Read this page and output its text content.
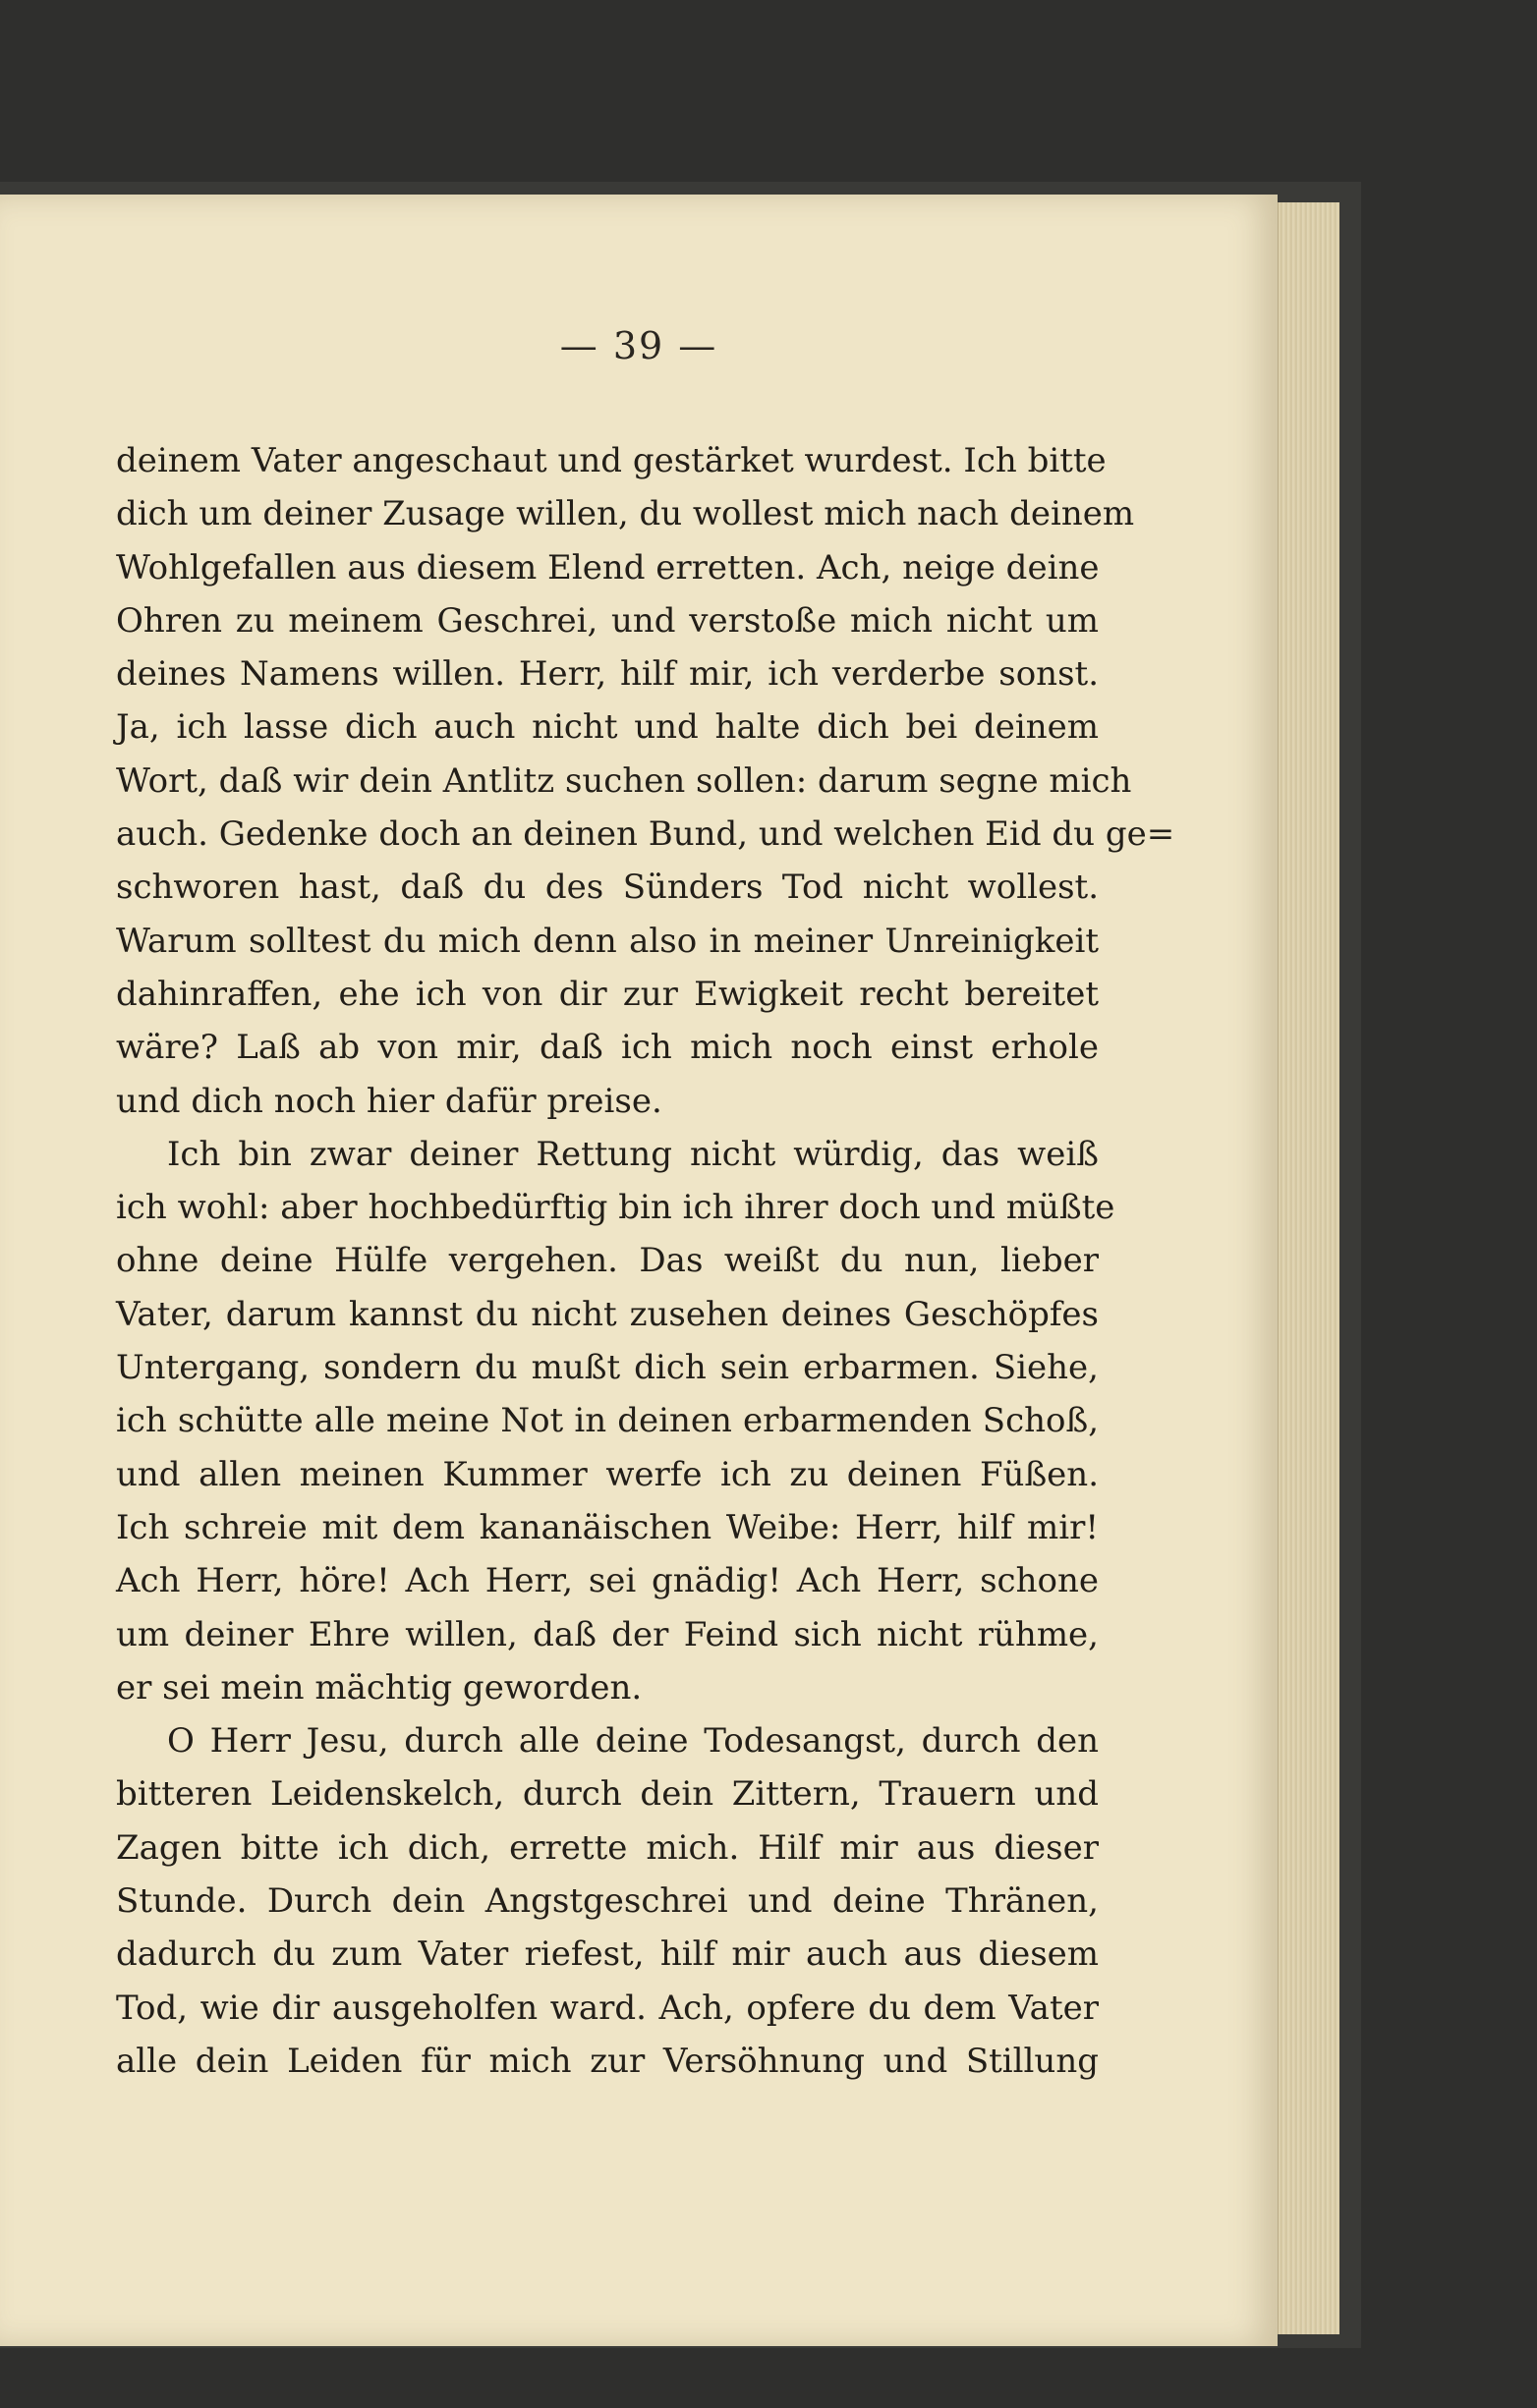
— 39 —
deinem Vater angeschaut und gestärket wurdest. Ich bitte
dich um deiner Zusage willen, du wollest mich nach deinem
Wohlgefallen aus diesem Elend erretten. Ach, neige deine
Ohren zu meinem Geschrei, und verstoße mich nicht um
deines Namens willen. Herr, hilf mir, ich verderbe sonst.
Ja, ich lasse dich auch nicht und halte dich bei deinem
Wort, daß wir dein Antlitz suchen sollen: darum segne mich
auch. Gedenke doch an deinen Bund, und welchen Eid du ge=
schworen hast, daß du des Sünders Tod nicht wollest.
Warum solltest du mich denn also in meiner Unreinigkeit
dahinraffen, ehe ich von dir zur Ewigkeit recht bereitet
wäre? Laß ab von mir, daß ich mich noch einst erhole
und dich noch hier dafür preise.
Ich bin zwar deiner Rettung nicht würdig, das weiß
ich wohl: aber hochbedürftig bin ich ihrer doch und müßte
ohne deine Hülfe vergehen. Das weißt du nun, lieber
Vater, darum kannst du nicht zusehen deines Geschöpfes
Untergang, sondern du mußt dich sein erbarmen. Siehe,
ich schütte alle meine Not in deinen erbarmenden Schoß,
und allen meinen Kummer werfe ich zu deinen Füßen.
Ich schreie mit dem kananäischen Weibe: Herr, hilf mir!
Ach Herr, höre! Ach Herr, sei gnädig! Ach Herr, schone
um deiner Ehre willen, daß der Feind sich nicht rühme,
er sei mein mächtig geworden.
O Herr Jesu, durch alle deine Todesangst, durch den
bitteren Leidenskelch, durch dein Zittern, Trauern und
Zagen bitte ich dich, errette mich. Hilf mir aus dieser
Stunde. Durch dein Angstgeschrei und deine Thränen,
dadurch du zum Vater riefest, hilf mir auch aus diesem
Tod, wie dir ausgeholfen ward. Ach, opfere du dem Vater
alle dein Leiden für mich zur Versöhnung und Stillung
